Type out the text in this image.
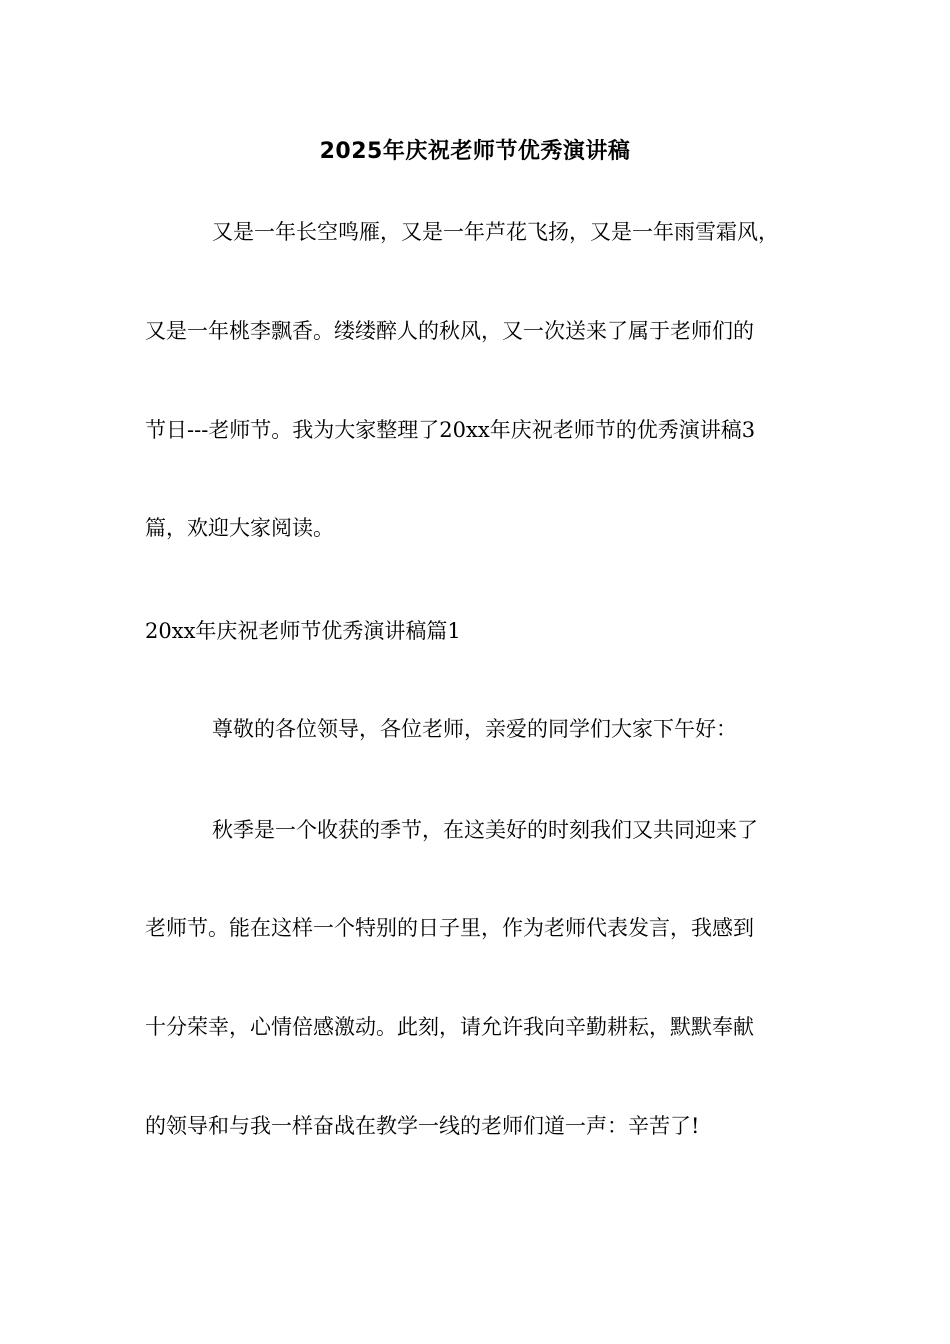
2025年庆祝老师节优秀演讲稿
又是一年长空鸣雁，又是一年芦花飞扬，又是一年雨雪霜风，
又是一年桃李飘香。缕缕醉人的秋风，又一次送来了属于老师们的
节日---老师节。我为大家整理了20xx年庆祝老师节的优秀演讲稿3
篇，欢迎大家阅读。
20xx年庆祝老师节优秀演讲稿篇1
尊敬的各位领导，各位老师，亲爱的同学们大家下午好：
秋季是一个收获的季节，在这美好的时刻我们又共同迎来了
老师节。能在这样一个特别的日子里，作为老师代表发言，我感到
十分荣幸，心情倍感激动。此刻，请允许我向辛勤耕耘，默默奉献
的领导和与我一样奋战在教学一线的老师们道一声：辛苦了!
